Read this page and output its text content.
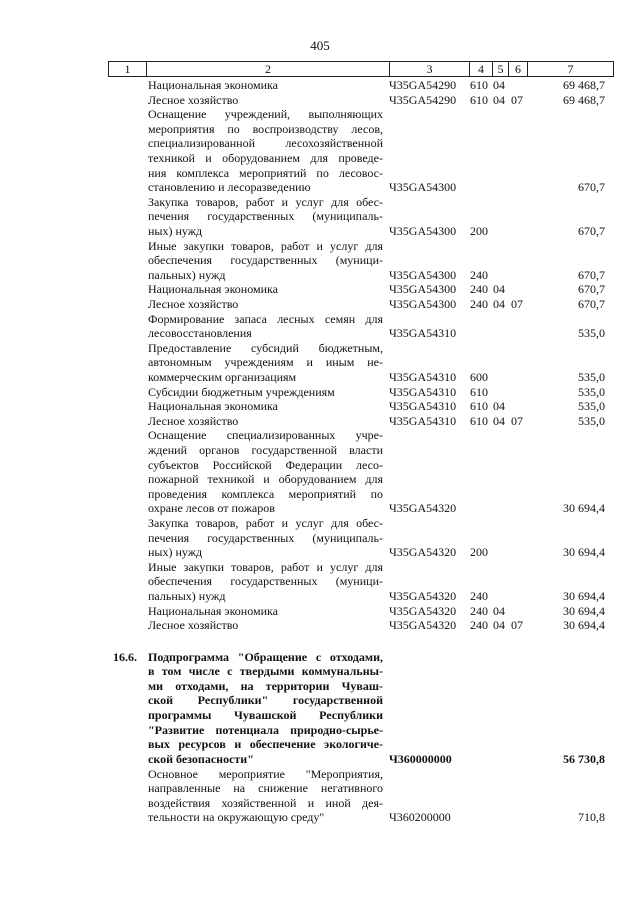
405
1	2	3	4	5 6	7
Национальная экономика	Ч35GA54290	610 04	69 468,7
Лесное хозяйство	Ч35GA54290	610 04 07	69 468,7
Оснащение учреждений, выполняющих
мероприятия по воспроизводству лесов,
специализированной лесохозяйственной
техникой и оборудованием для проведе-
ния комплекса мероприятий по лесовос-
становлению и лесоразведению	Ч35GA54300	670,7
Закупка товаров, работ и услуг для обес-
печения государственных (муниципаль-
ных) нужд	Ч35GA54300	200	670,7
Иные закупки товаров, работ и услуг для
обеспечения государственных (муници-
пальных) нужд	Ч35GA54300	240	670,7
Национальная экономика	Ч35GA54300	240 04	670,7
Лесное хозяйство	Ч35GA54300	240 04 07	670,7
Формирование запаса лесных семян для
лесовосстановления	Ч35GA54310	535,0
Предоставление субсидий бюджетным,
автономным учреждениям и иным не-
коммерческим организациям	Ч35GA54310	600	535,0
Субсидии бюджетным учреждениям	Ч35GA54310	610	535,0
Национальная экономика	Ч35GA54310	610 04	535,0
Лесное хозяйство	Ч35GA54310	610 04 07	535,0
Оснащение специализированных учре-
ждений органов государственной власти
субъектов Российской Федерации лесо-
пожарной техникой и оборудованием для
проведения комплекса мероприятий по
охране лесов от пожаров	Ч35GA54320	30 694,4
Закупка товаров, работ и услуг для обес-
печения государственных (муниципаль-
ных) нужд	Ч35GA54320	200	30 694,4
Иные закупки товаров, работ и услуг для
обеспечения государственных (муници-
пальных) нужд	Ч35GA54320	240	30 694,4
Национальная экономика	Ч35GA54320	240 04	30 694,4
Лесное хозяйство	Ч35GA54320	240 04 07	30 694,4
16.6. Подпрограмма "Обращение с отходами,
в том числе с твердыми коммунальны-
ми отходами, на территории Чуваш-
ской Республики" государственной
программы Чувашской Республики
"Развитие потенциала природно-сырье-
вых ресурсов и обеспечение экологиче-
ской безопасности"	Ч360000000	56 730,8
Основное мероприятие "Мероприятия,
направленные на снижение негативного
воздействия хозяйственной и иной дея-
тельности на окружающую среду"	Ч360200000	710,8
